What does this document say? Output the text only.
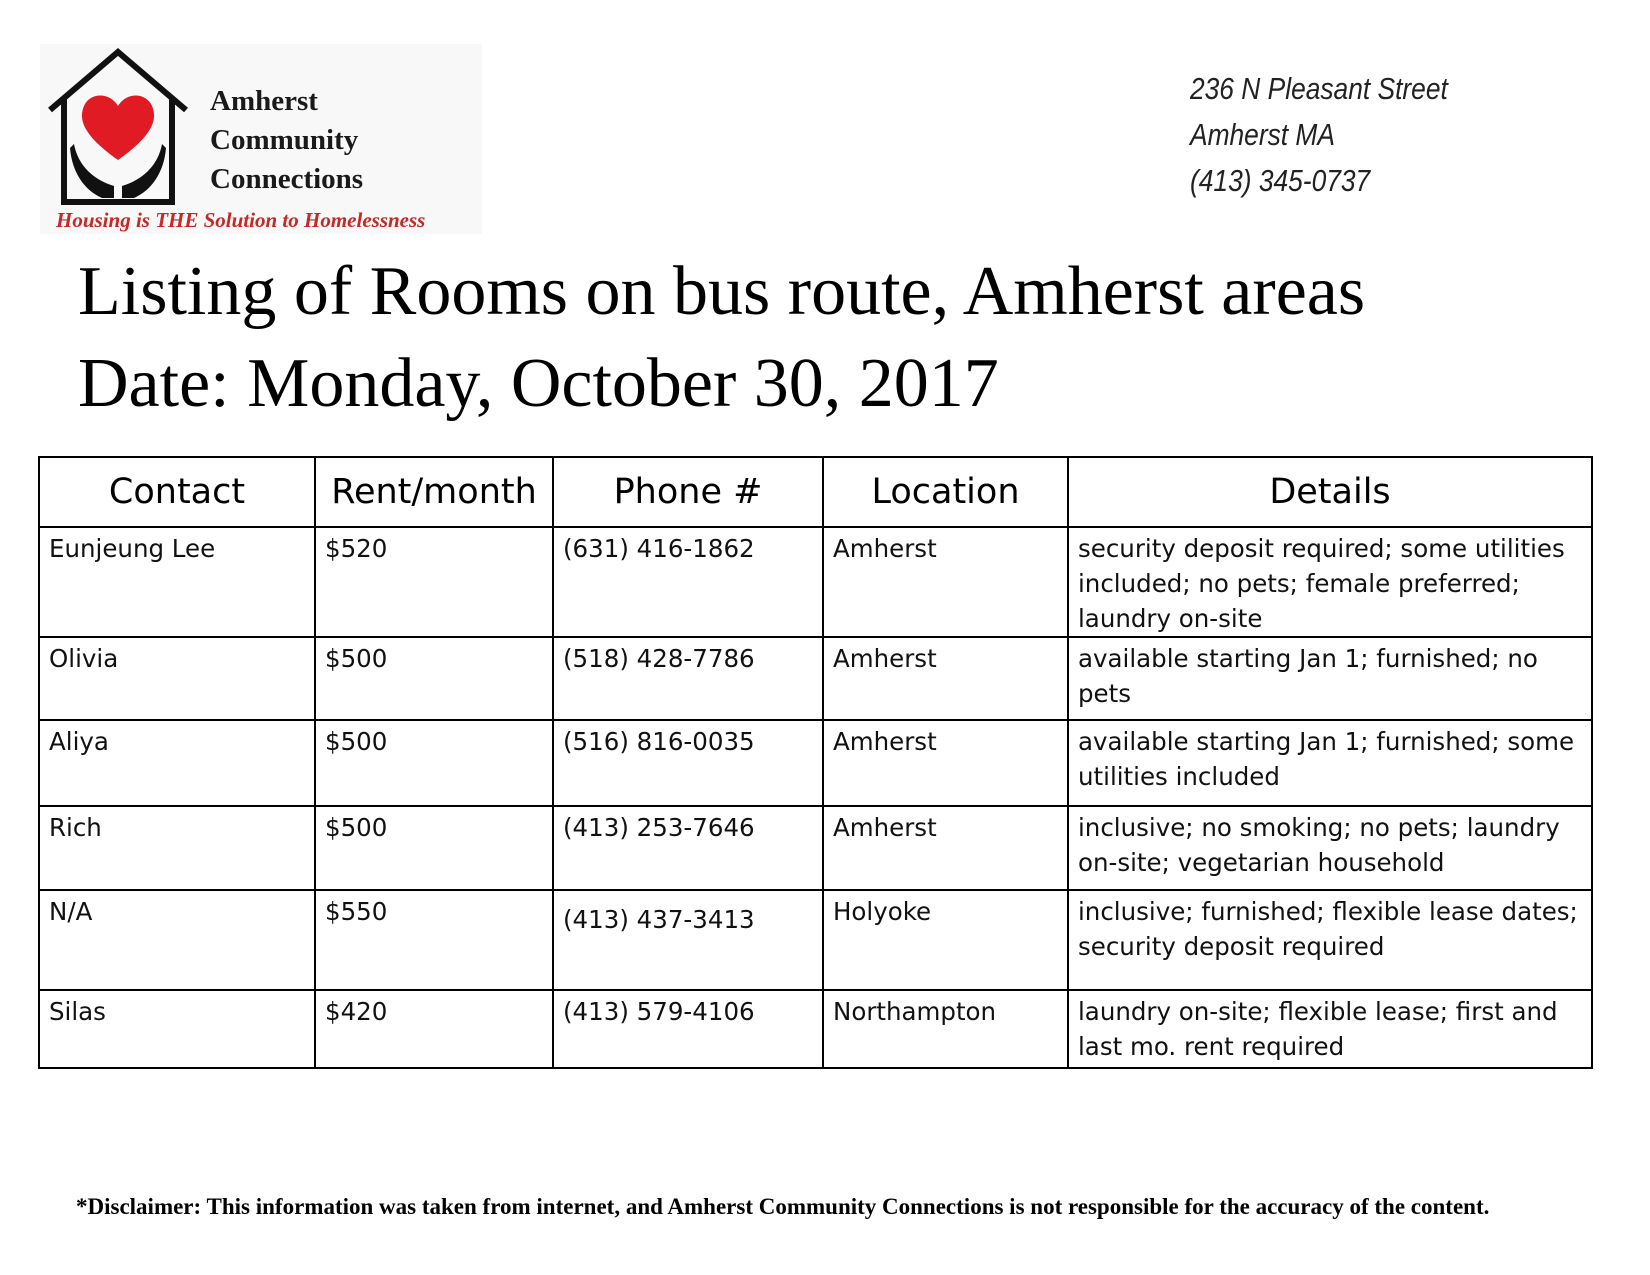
Amherst
Community
Connections
Housing is THE Solution to Homelessness
236 N Pleasant Street
Amherst MA
(413) 345-0737
Listing of Rooms on bus route, Amherst areas
Date: Monday, October 30, 2017
Contact	Rent/month	Phone #	Location	Details
Eunjeung Lee	$520	(631) 416-1862	Amherst	security deposit required; some utilities included; no pets; female preferred; laundry on-site
Olivia	$500	(518) 428-7786	Amherst	available starting Jan 1; furnished; no pets
Aliya	$500	(516) 816-0035	Amherst	available starting Jan 1; furnished; some utilities included
Rich	$500	(413) 253-7646	Amherst	inclusive; no smoking; no pets; laundry on-site; vegetarian household
N/A	$550	(413) 437-3413	Holyoke	inclusive; furnished; flexible lease dates; security deposit required
Silas	$420	(413) 579-4106	Northampton	laundry on-site; flexible lease; first and last mo. rent required
*Disclaimer: This information was taken from internet, and Amherst Community Connections is not responsible for the accuracy of the content.
